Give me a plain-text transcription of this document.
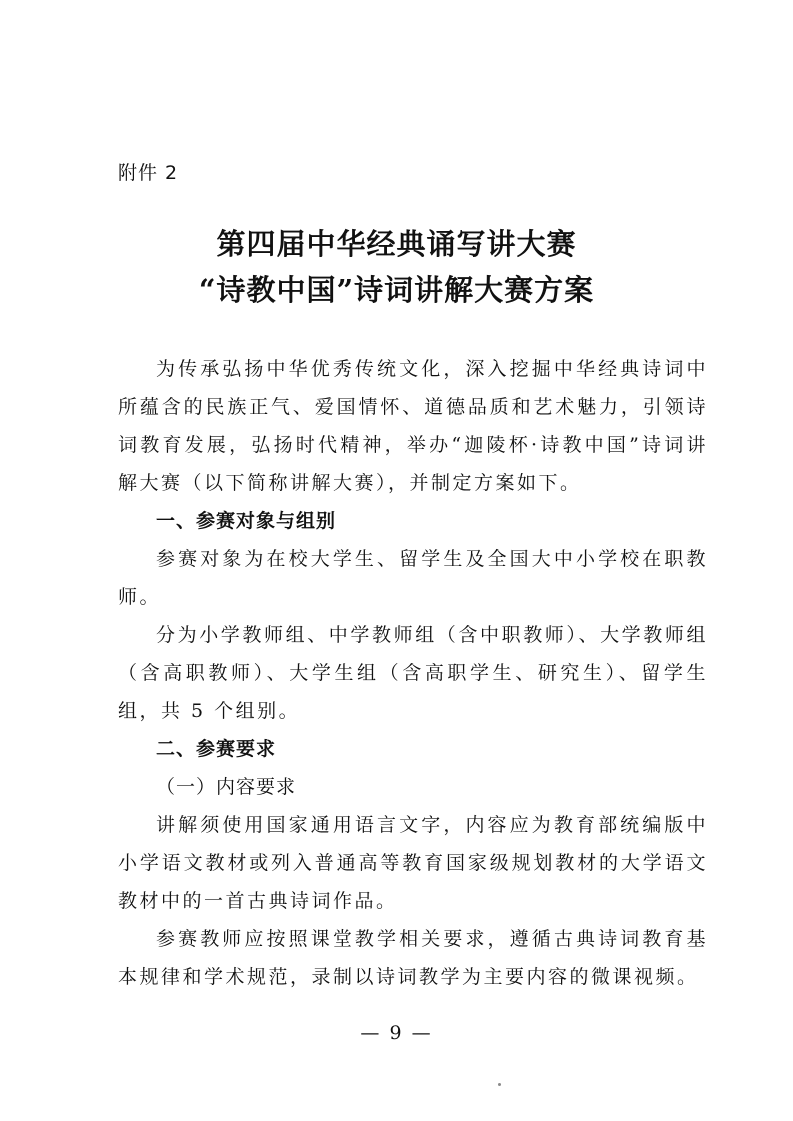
附件 2
第四届中华经典诵写讲大赛
“诗教中国”诗词讲解大赛方案

为传承弘扬中华优秀传统文化，深入挖掘中华经典诗词中所蕴含的民族正气、爱国情怀、道德品质和艺术魅力，引领诗词教育发展，弘扬时代精神，举办“迦陵杯·诗教中国”诗词讲解大赛（以下简称讲解大赛），并制定方案如下。

一、参赛对象与组别

参赛对象为在校大学生、留学生及全国大中小学校在职教师。

分为小学教师组、中学教师组（含中职教师）、大学教师组（含高职教师）、大学生组（含高职学生、研究生）、留学生组，共 5 个组别。

二、参赛要求

（一）内容要求

讲解须使用国家通用语言文字，内容应为教育部统编版中小学语文教材或列入普通高等教育国家级规划教材的大学语文教材中的一首古典诗词作品。

参赛教师应按照课堂教学相关要求，遵循古典诗词教育基本规律和学术规范，录制以诗词教学为主要内容的微课视频。

— 9 —
